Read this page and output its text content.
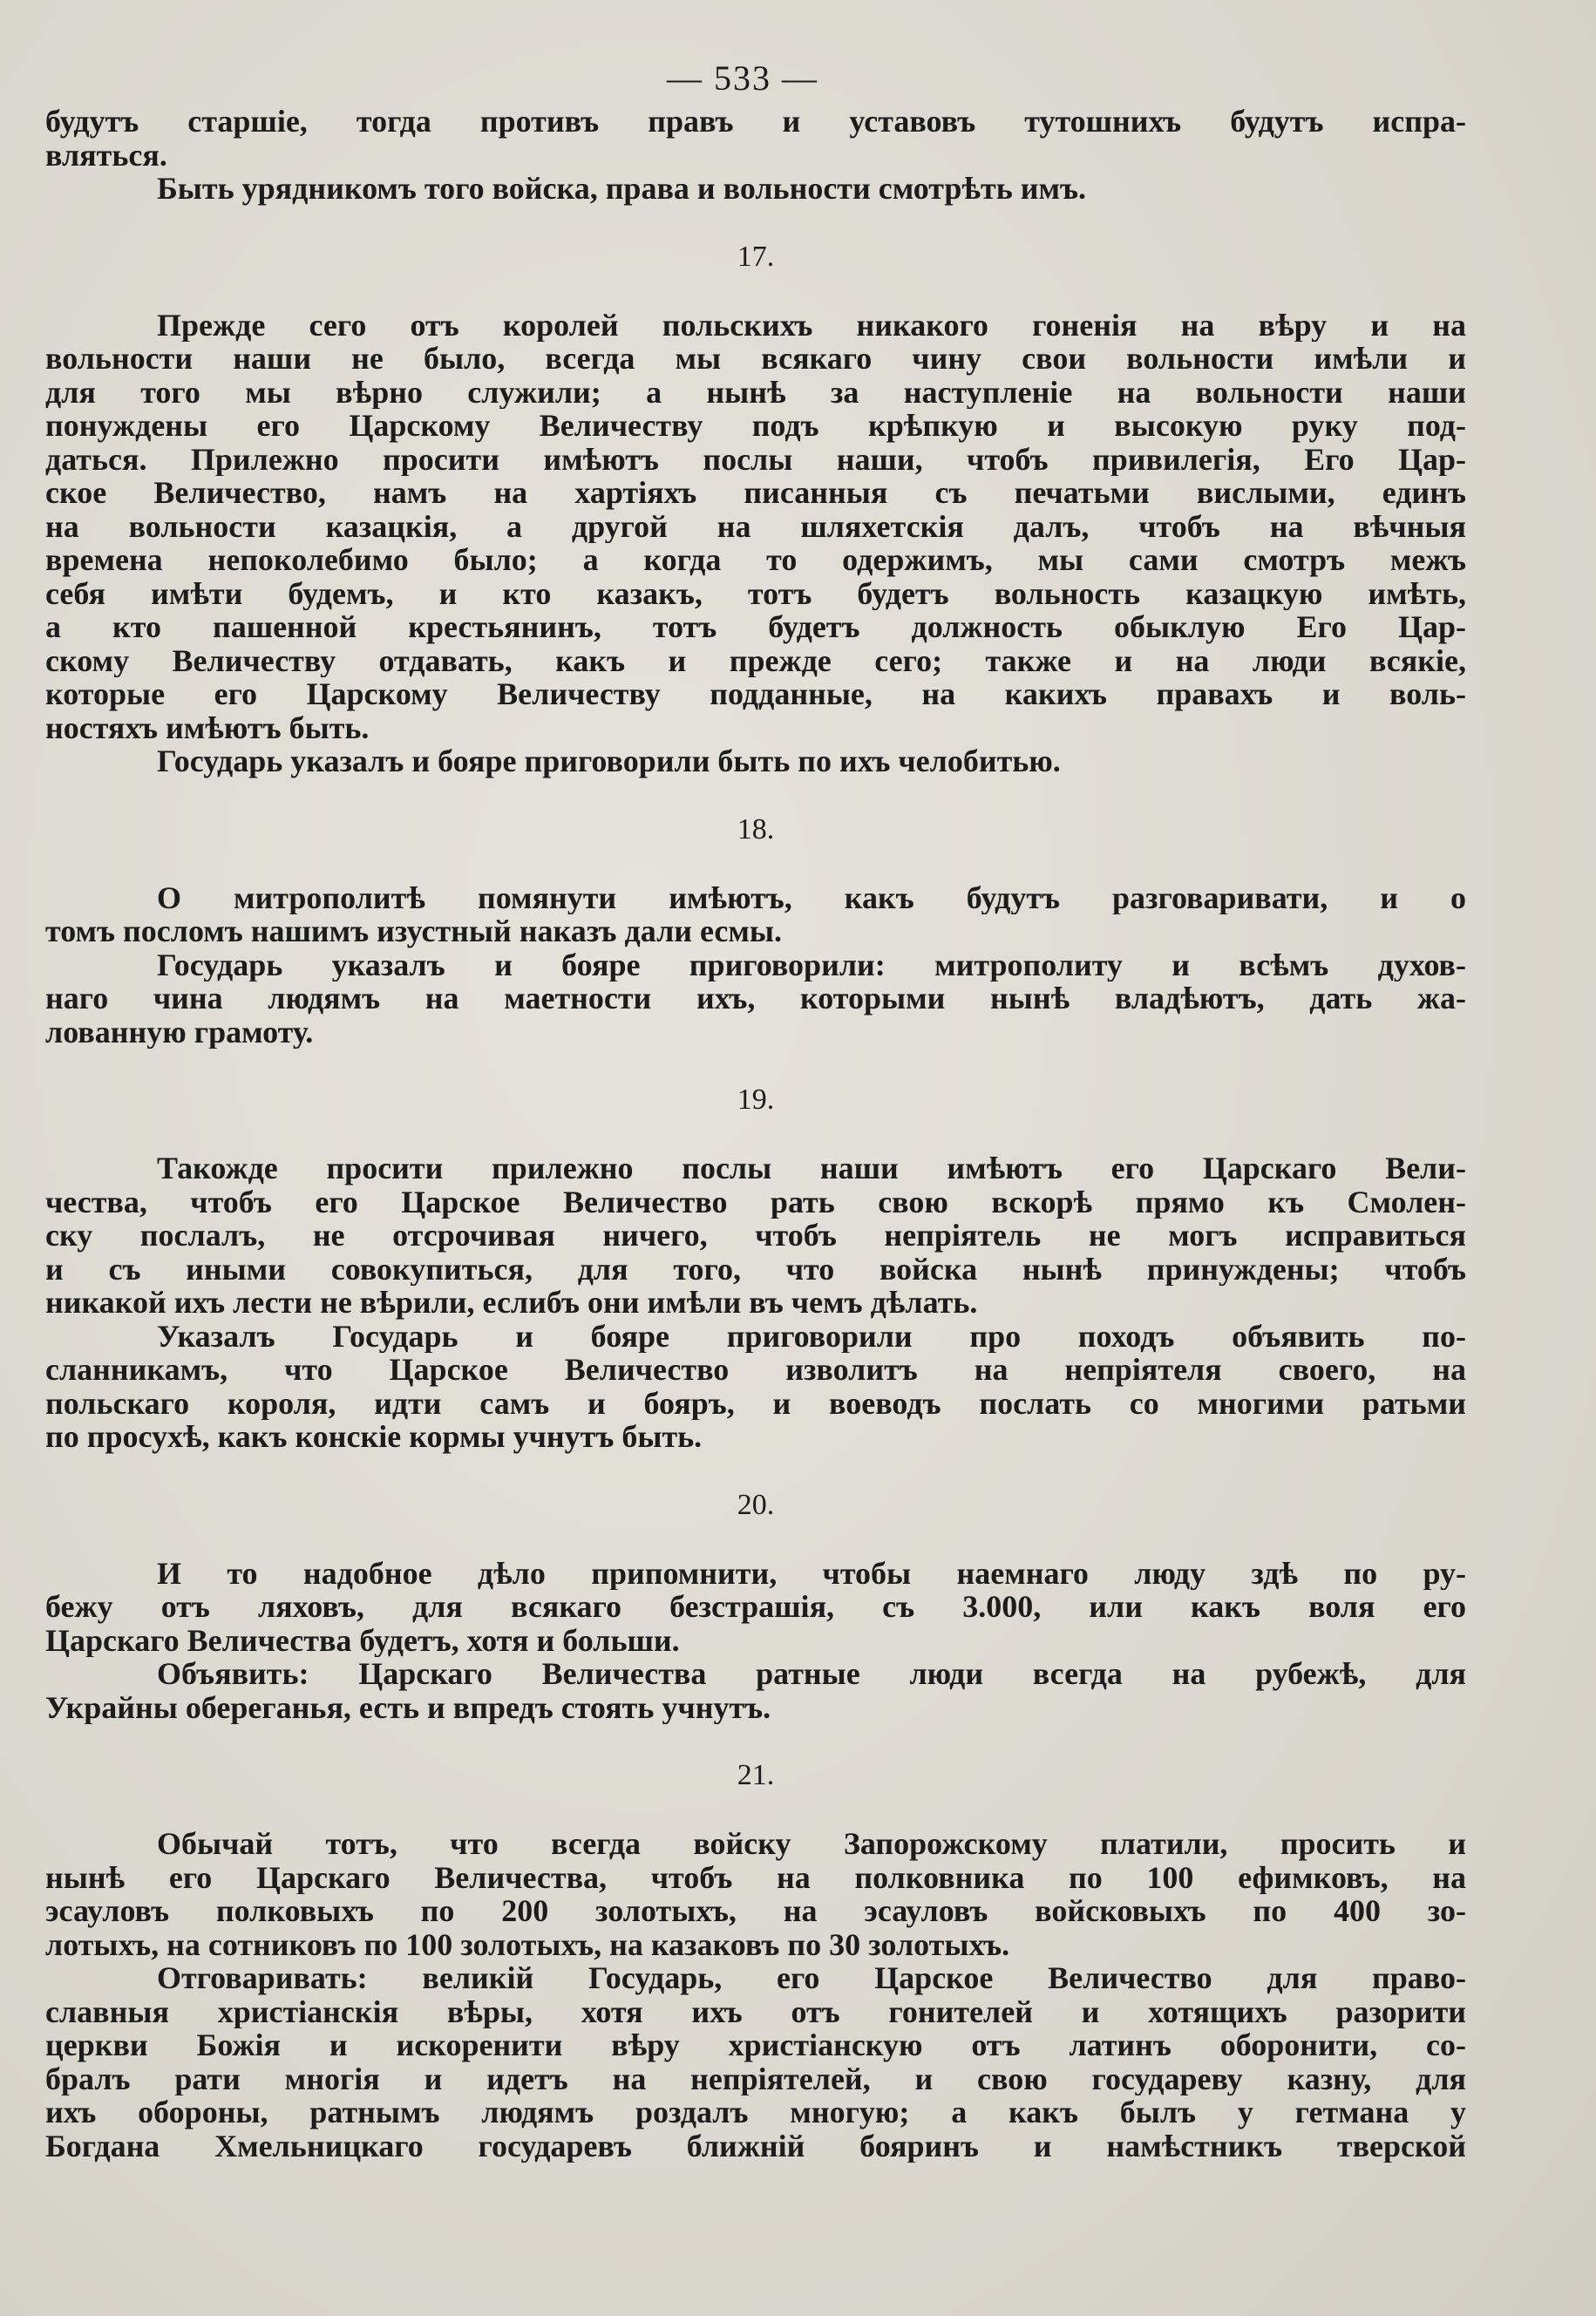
— 533 —
будутъ старшіе, тогда противъ правъ и уставовъ тутошнихъ будутъ испра-
вляться.
Быть урядникомъ того войска, права и вольности смотрѣть имъ.
17.
Прежде сего отъ королей польскихъ никакого гоненія на вѣру и на
вольности наши не было, всегда мы всякаго чину свои вольности имѣли и
для того мы вѣрно служили; а нынѣ за наступленіе на вольности наши
понуждены его Царскому Величеству подъ крѣпкую и высокую руку под-
даться. Прилежно просити имѣютъ послы наши, чтобъ привилегія, Его Цар-
ское Величество, намъ на хартіяхъ писанныя съ печатьми вислыми, единъ
на вольности казацкія, а другой на шляхетскія далъ, чтобъ на вѣчныя
времена непоколебимо было; а когда то одержимъ, мы сами смотръ межъ
себя имѣти будемъ, и кто казакъ, тотъ будетъ вольность казацкую имѣть,
а кто пашенной крестьянинъ, тотъ будетъ должность обыклую Его Цар-
скому Величеству отдавать, какъ и прежде сего; также и на люди всякіе,
которые его Царскому Величеству подданные, на какихъ правахъ и воль-
ностяхъ имѣютъ быть.
Государь указалъ и бояре приговорили быть по ихъ челобитью.
18.
О митрополитѣ помянути имѣютъ, какъ будутъ разговаривати, и о
томъ посломъ нашимъ изустный наказъ дали есмы.
Государь указалъ и бояре приговорили: митрополиту и всѣмъ духов-
наго чина людямъ на маетности ихъ, которыми нынѣ владѣютъ, дать жа-
лованную грамоту.
19.
Такожде просити прилежно послы наши имѣютъ его Царскаго Вели-
чества, чтобъ его Царское Величество рать свою вскорѣ прямо къ Смолен-
ску послалъ, не отсрочивая ничего, чтобъ непріятель не могъ исправиться
и съ иными совокупиться, для того, что войска нынѣ принуждены; чтобъ
никакой ихъ лести не вѣрили, еслибъ они имѣли въ чемъ дѣлать.
Указалъ Государь и бояре приговорили про походъ объявить по-
сланникамъ, что Царское Величество изволитъ на непріятеля своего, на
польскаго короля, идти самъ и бояръ, и воеводъ послать со многими ратьми
по просухѣ, какъ конскіе кормы учнутъ быть.
20.
И то надобное дѣло припомнити, чтобы наемнаго люду здѣ по ру-
бежу отъ ляховъ, для всякаго безстрашія, съ 3.000, или какъ воля его
Царскаго Величества будетъ, хотя и больши.
Объявить: Царскаго Величества ратные люди всегда на рубежѣ, для
Украйны оберeганья, есть и впредъ стоять учнутъ.
21.
Обычай тотъ, что всегда войску Запорожскому платили, просить и
нынѣ его Царскаго Величества, чтобъ на полковника по 100 ефимковъ, на
эсауловъ полковыхъ по 200 золотыхъ, на эсауловъ войсковыхъ по 400 зо-
лотыхъ, на сотниковъ по 100 золотыхъ, на казаковъ по 30 золотыхъ.
Отговаривать: великій Государь, его Царское Величество для право-
славныя христіанскія вѣры, хотя ихъ отъ гонителей и хотящихъ разорити
церкви Божія и искоренити вѣру христіанскую отъ латинъ оборонити, со-
бралъ рати многія и идетъ на непріятелей, и свою государеву казну, для
ихъ обороны, ратнымъ людямъ роздалъ многую; а какъ былъ у гетмана у
Богдана Хмельницкаго государевъ ближній бояринъ и намѣстникъ тверской
